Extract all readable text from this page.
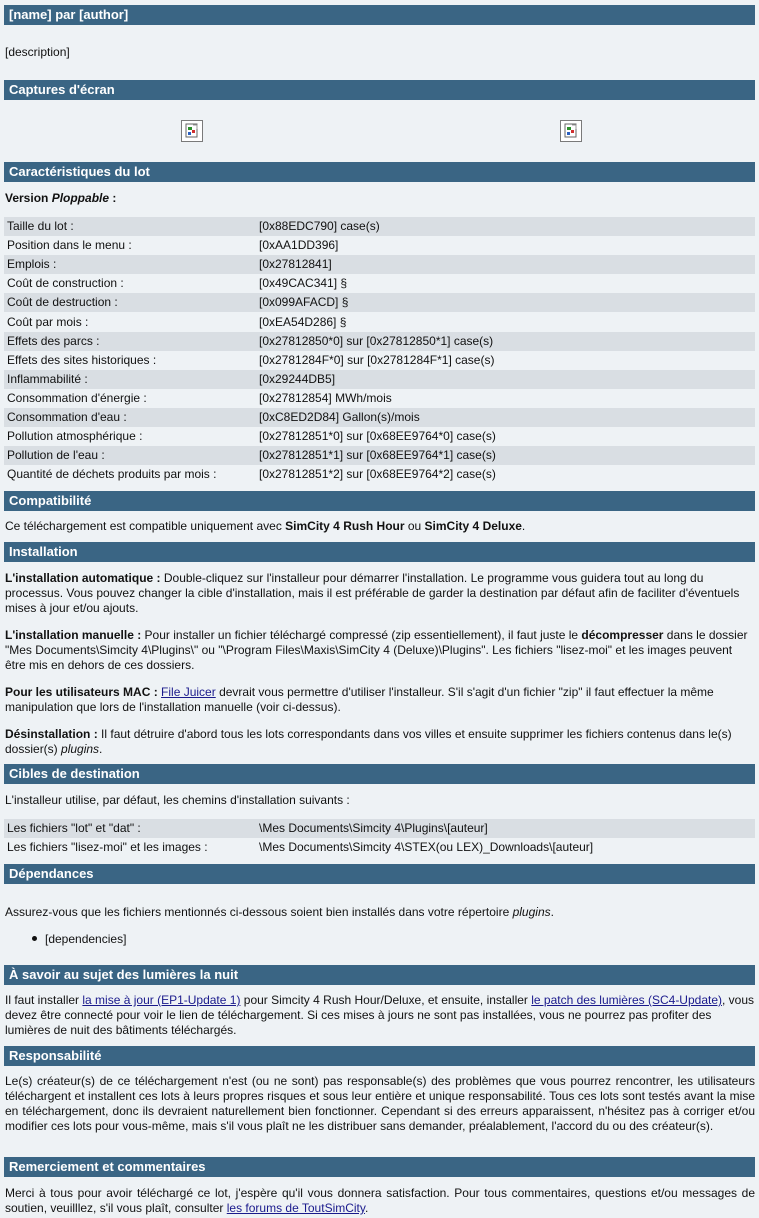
[name] par [author]
[description]
Captures d'écran
Caractéristiques du lot
Version Ploppable :
Taille du lot :	[0x88EDC790] case(s)
Position dans le menu :	[0xAA1DD396]
Emplois :	[0x27812841]
Coût de construction :	[0x49CAC341] §
Coût de destruction :	[0x099AFACD] §
Coût par mois :	[0xEA54D286] §
Effets des parcs :	[0x27812850*0] sur [0x27812850*1] case(s)
Effets des sites historiques :	[0x2781284F*0] sur [0x2781284F*1] case(s)
Inflammabilité :	[0x29244DB5]
Consommation d'énergie :	[0x27812854] MWh/mois
Consommation d'eau :	[0xC8ED2D84] Gallon(s)/mois
Pollution atmosphérique :	[0x27812851*0] sur [0x68EE9764*0] case(s)
Pollution de l'eau :	[0x27812851*1] sur [0x68EE9764*1] case(s)
Quantité de déchets produits par mois :	[0x27812851*2] sur [0x68EE9764*2] case(s)
Compatibilité
Ce téléchargement est compatible uniquement avec SimCity 4 Rush Hour ou SimCity 4 Deluxe.
Installation
L'installation automatique : Double-cliquez sur l'installeur pour démarrer l'installation. Le programme vous guidera tout au long du processus. Vous pouvez changer la cible d'installation, mais il est préférable de garder la destination par défaut afin de faciliter d'éventuels mises à jour et/ou ajouts.
L'installation manuelle : Pour installer un fichier téléchargé compressé (zip essentiellement), il faut juste le décompresser dans le dossier "Mes Documents\Simcity 4\Plugins\" ou "\Program Files\Maxis\SimCity 4 (Deluxe)\Plugins". Les fichiers "lisez-moi" et les images peuvent être mis en dehors de ces dossiers.
Pour les utilisateurs MAC : File Juicer devrait vous permettre d'utiliser l'installeur. S'il s'agit d'un fichier "zip" il faut effectuer la même manipulation que lors de l'installation manuelle (voir ci-dessus).
Désinstallation : Il faut détruire d'abord tous les lots correspondants dans vos villes et ensuite supprimer les fichiers contenus dans le(s) dossier(s) plugins.
Cibles de destination
L'installeur utilise, par défaut, les chemins d'installation suivants :
Les fichiers "lot" et "dat" :	\Mes Documents\Simcity 4\Plugins\[auteur]
Les fichiers "lisez-moi" et les images :	\Mes Documents\Simcity 4\STEX(ou LEX)_Downloads\[auteur]
Dépendances
Assurez-vous que les fichiers mentionnés ci-dessous soient bien installés dans votre répertoire plugins.
[dependencies]
À savoir au sujet des lumières la nuit
Il faut installer la mise à jour (EP1-Update 1) pour Simcity 4 Rush Hour/Deluxe, et ensuite, installer le patch des lumières (SC4-Update), vous devez être connecté pour voir le lien de téléchargement. Si ces mises à jours ne sont pas installées, vous ne pourrez pas profiter des lumières de nuit des bâtiments téléchargés.
Responsabilité
Le(s) créateur(s) de ce téléchargement n'est (ou ne sont) pas responsable(s) des problèmes que vous pourrez rencontrer, les utilisateurs téléchargent et installent ces lots à leurs propres risques et sous leur entière et unique responsabilité. Tous ces lots sont testés avant la mise en téléchargement, donc ils devraient naturellement bien fonctionner. Cependant si des erreurs apparaissent, n'hésitez pas à corriger et/ou modifier ces lots pour vous-même, mais s'il vous plaît ne les distribuer sans demander, préalablement, l'accord du ou des créateur(s).
Remerciement et commentaires
Merci à tous pour avoir téléchargé ce lot, j'espère qu'il vous donnera satisfaction. Pour tous commentaires, questions et/ou messages de soutien, veuilllez, s'il vous plaît, consulter les forums de ToutSimCity.
